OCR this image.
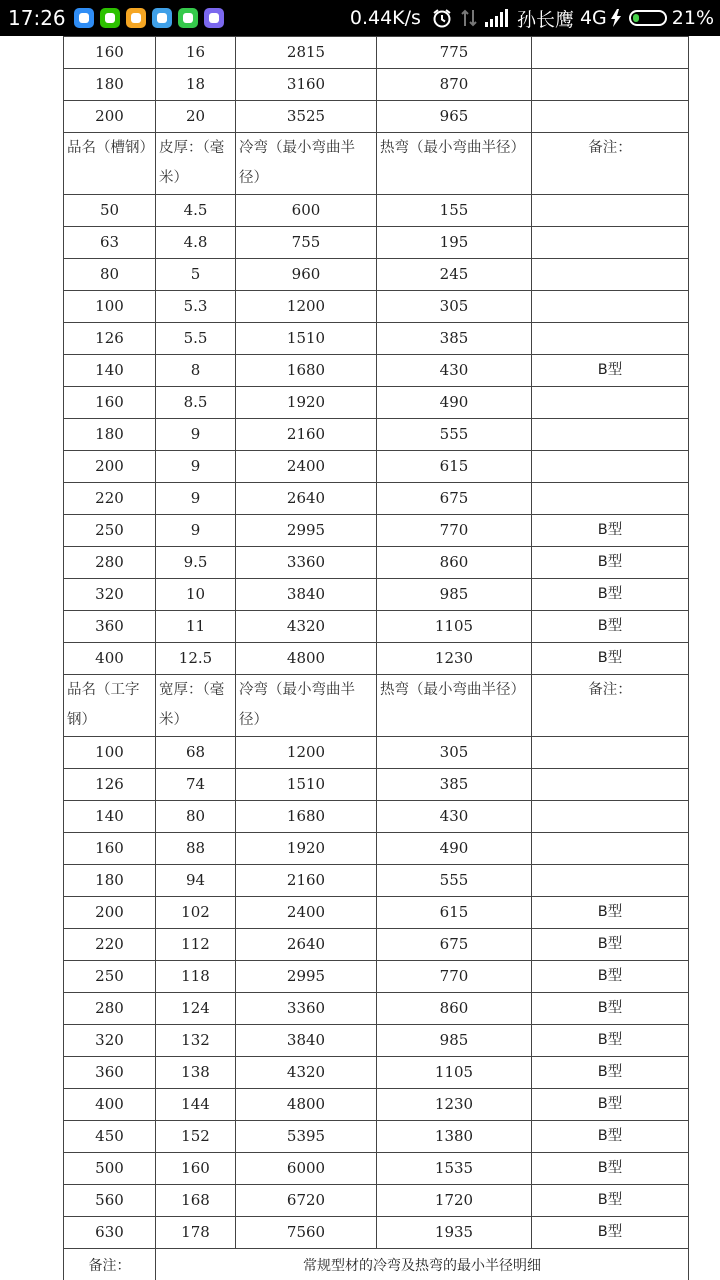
17:26	0.44K/s	孙长鹰 4G	21%
160	16	2815	775	
180	18	3160	870	
200	20	3525	965	
品名（槽钢）	皮厚：（毫米）	冷弯（最小弯曲半径）	热弯（最小弯曲半径）	备注：
50	4.5	600	155	
63	4.8	755	195	
80	5	960	245	
100	5.3	1200	305	
126	5.5	1510	385	
140	8	1680	430	B型
160	8.5	1920	490	
180	9	2160	555	
200	9	2400	615	
220	9	2640	675	
250	9	2995	770	B型
280	9.5	3360	860	B型
320	10	3840	985	B型
360	11	4320	1105	B型
400	12.5	4800	1230	B型
品名（工字钢）	宽厚：（毫米）	冷弯（最小弯曲半径）	热弯（最小弯曲半径）	备注：
100	68	1200	305	
126	74	1510	385	
140	80	1680	430	
160	88	1920	490	
180	94	2160	555	
200	102	2400	615	B型
220	112	2640	675	B型
250	118	2995	770	B型
280	124	3360	860	B型
320	132	3840	985	B型
360	138	4320	1105	B型
400	144	4800	1230	B型
450	152	5395	1380	B型
500	160	6000	1535	B型
560	168	6720	1720	B型
630	178	7560	1935	B型
备注：	常规型材的冷弯及热弯的最小半径明细			
